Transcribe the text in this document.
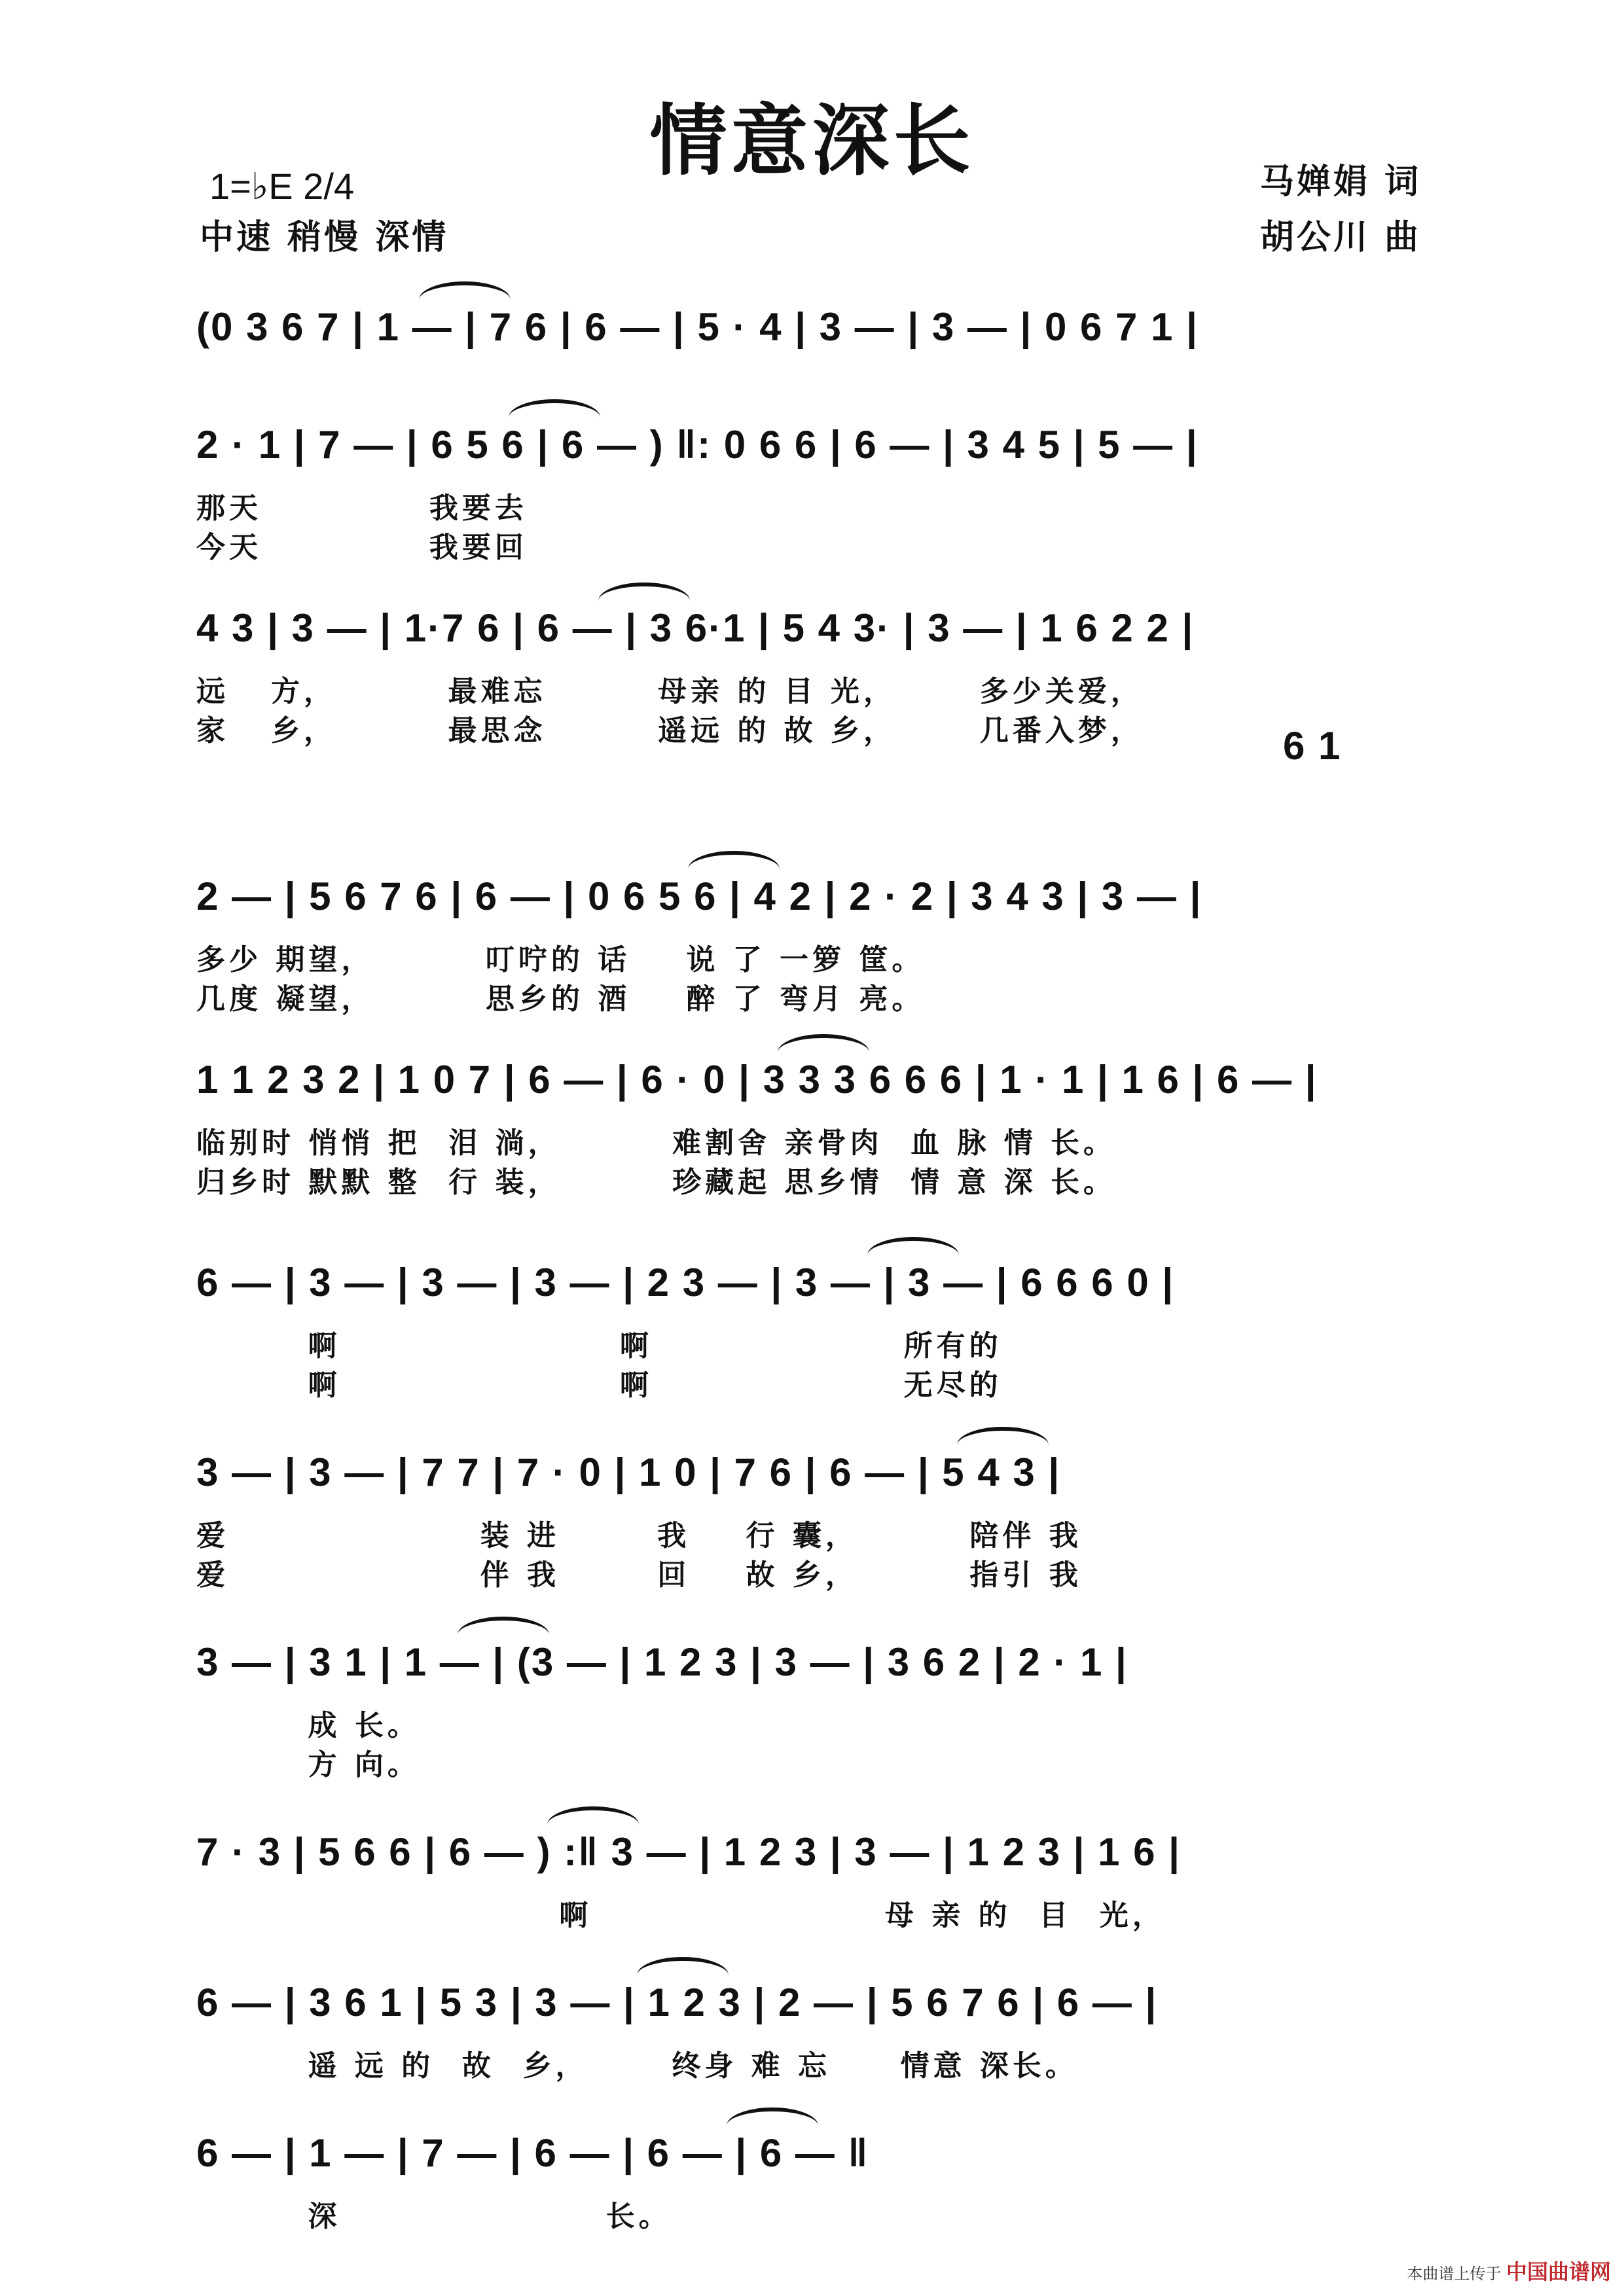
情意深长
1=♭E 2/4
中速 稍慢 深情
马婵娟 词
胡公川 曲
(0 3 6 7 | 1 — | 7 6 | 6 — | 5 · 4 | 3 — | 3 — | 0 6 7 1 |
2 · 1 | 7 — | 6 5 6 | 6 — ) ‖: 0 6 6 | 6 — | 3 4 5 | 5 — |
那天            我要去
今天            我要回
4 3 | 3 — | 1·7 6 | 6 — | 3 6·1 | 5 4 3· | 3 — | 1 6 2 2 |
远   方，        最难忘        母亲 的 目 光，      多少关爱，
家   乡，        最思念        遥远 的 故 乡，      几番入梦，	6 1
2 — | 5 6 7 6 | 6 — | 0 6 5 6 | 4 2 | 2 · 2 | 3 4 3 | 3 — |
多少 期望，        叮咛的 话    说 了 一箩 筐。
几度 凝望，        思乡的 酒    醉 了 弯月 亮。
1 1 2 3 2 | 1 0 7 | 6 — | 6 · 0 | 3 3 3 6 6 6 | 1 · 1 | 1 6 | 6 — |
临别时 悄悄 把  泪 淌，        难割舍 亲骨肉  血 脉 情 长。
归乡时 默默 整  行 装，        珍藏起 思乡情  情 意 深 长。
6 — | 3 — | 3 — | 3 — | 2 3 — | 3 — | 3 — | 6 6 6 0 |
啊                    啊                  所有的
啊                    啊                  无尽的
3 — | 3 — | 7 7 | 7 · 0 | 1 0 | 7 6 | 6 — | 5 4 3 |
爱                  装 进       我    行 囊，        陪伴 我
爱                  伴 我       回    故 乡，        指引 我
3 — | 3 1 | 1 — | (3 — | 1 2 3 | 3 — | 3 6 2 | 2 · 1 |
成 长。
方 向。
7 · 3 | 5 6 6 | 6 — ) :‖ 3 — | 1 2 3 | 3 — | 1 2 3 | 1 6 |
啊                     母 亲 的  目  光，
6 — | 3 6 1 | 5 3 | 3 — | 1 2 3 | 2 — | 5 6 7 6 | 6 — |
遥 远 的  故  乡，      终身 难 忘     情意 深长。
6 — | 1 — | 7 — | 6 — | 6 — | 6 — ‖
深                   长。
本曲谱上传于 中国曲谱网
